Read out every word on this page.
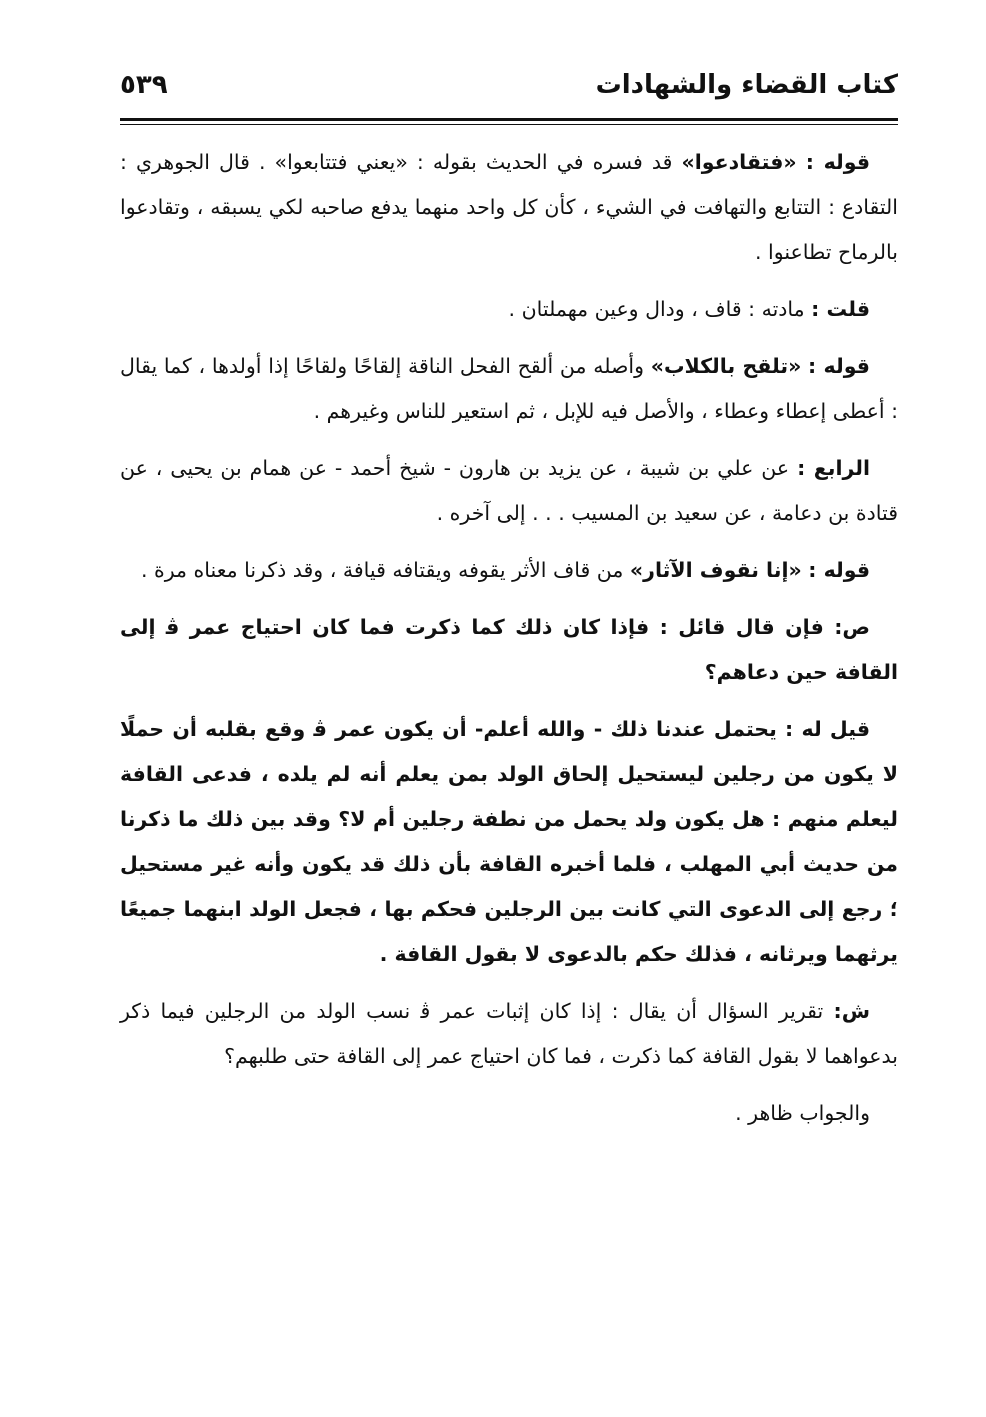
كتاب القضاء والشهادات
٥٣٩

قوله : «فتقادعوا» قد فسره في الحديث بقوله : «يعني فتتابعوا» . قال الجوهري : التقادع : التتابع والتهافت في الشيء ، كأن كل واحد منهما يدفع صاحبه لكي يسبقه ، وتقادعوا بالرماح تطاعنوا .

قلت : مادته : قاف ، ودال وعين مهملتان .

قوله : «تلقح بالكلاب» وأصله من ألقح الفحل الناقة إلقاحًا ولقاحًا إذا أولدها ، كما يقال : أعطى إعطاء وعطاء ، والأصل فيه للإبل ، ثم استعير للناس وغيرهم .

الرابع : عن علي بن شيبة ، عن يزيد بن هارون - شيخ أحمد - عن همام بن يحيى ، عن قتادة بن دعامة ، عن سعيد بن المسيب . . . إلى آخره .

قوله : «إنا نقوف الآثار» من قاف الأثر يقوفه ويقتافه قيافة ، وقد ذكرنا معناه مرة .

ص: فإن قال قائل : فإذا كان ذلك كما ذكرت فما كان احتياج عمر ﭬ إلى القافة حين دعاهم؟

قيل له : يحتمل عندنا ذلك - والله أعلم- أن يكون عمر ﭬ وقع بقلبه أن حملًا لا يكون من رجلين ليستحيل إلحاق الولد بمن يعلم أنه لم يلده ، فدعى القافة ليعلم منهم : هل يكون ولد يحمل من نطفة رجلين أم لا؟ وقد بين ذلك ما ذكرنا من حديث أبي المهلب ، فلما أخبره القافة بأن ذلك قد يكون وأنه غير مستحيل ؛ رجع إلى الدعوى التي كانت بين الرجلين فحكم بها ، فجعل الولد ابنهما جميعًا يرثهما ويرثانه ، فذلك حكم بالدعوى لا بقول القافة .

ش: تقرير السؤال أن يقال : إذا كان إثبات عمر ﭬ نسب الولد من الرجلين فيما ذكر بدعواهما لا بقول القافة كما ذكرت ، فما كان احتياج عمر إلى القافة حتى طلبهم؟

والجواب ظاهر .
